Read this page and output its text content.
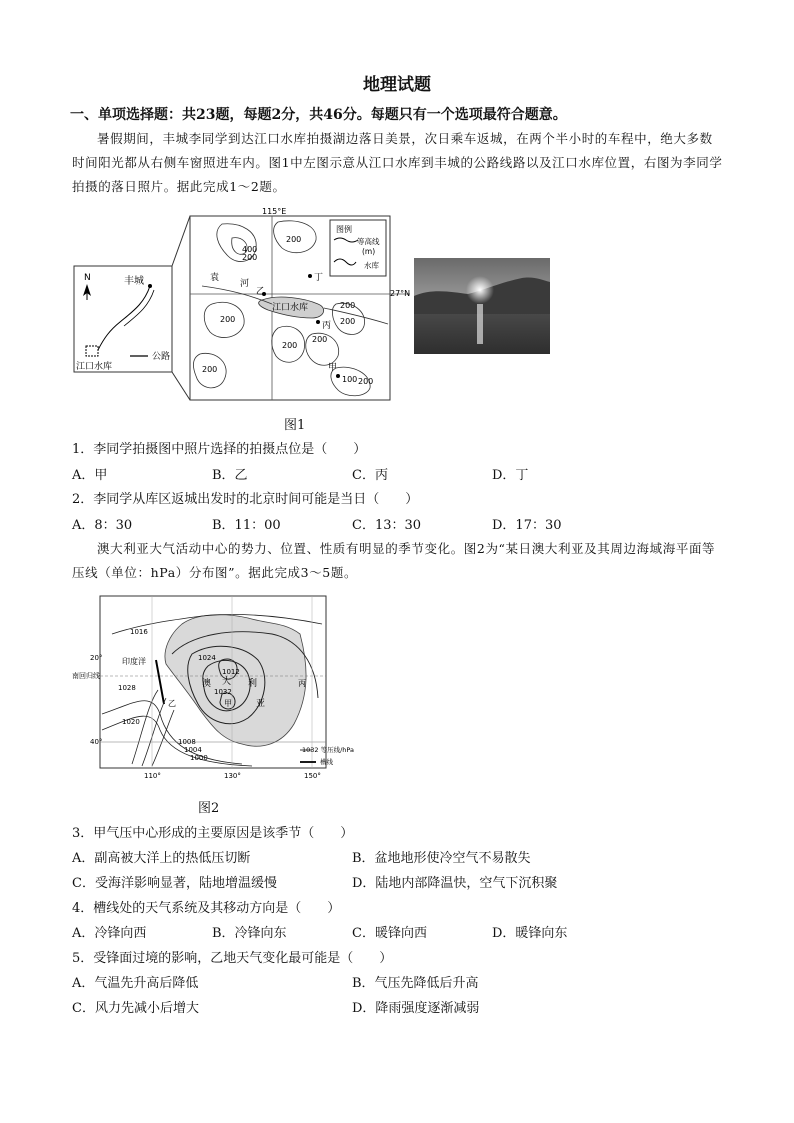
地理试题
一、单项选择题：共23题，每题2分，共46分。每题只有一个选项最符合题意。
暑假期间，丰城李同学到达江口水库拍摄湖边落日美景，次日乘车返城，在两个半小时的车程中，绝大多数时间阳光都从右侧车窗照进车内。图1中左图示意从江口水库到丰城的公路线路以及江口水库位置，右图为李同学拍摄的落日照片。据此完成1～2题。
N	丰城
江口水库
公路
115°E
27°N
图例
等高线
(m)
水库
袁
河
江口水库
200
400
200
200
200
200
200
200
100 200
200
甲
乙
丙
丁
图1
1．李同学拍摄图中照片选择的拍摄点位是（　　）
A．甲	B．乙	C．丙	D．丁
2．李同学从库区返城出发时的北京时间可能是当日（　　）
A．8：30	B．11：00	C．13：30	D．17：30
澳大利亚大气活动中心的势力、位置、性质有明显的季节变化。图2为“某日澳大利亚及其周边海域海平面等压线（单位：hPa）分布图”。据此完成3～5题。
1016
20° 印度洋
南回归线
1024
1028
1020
1032
1012
1008
1004
1000
澳 大 利
亚
甲
乙
丙
40°
110°	130°	150°
1032 等压线/hPa
槽线
图2
3．甲气压中心形成的主要原因是该季节（　　）
A．副高被大洋上的热低压切断	B．盆地地形使冷空气不易散失
C．受海洋影响显著，陆地增温缓慢	D．陆地内部降温快，空气下沉积聚
4．槽线处的天气系统及其移动方向是（　　）
A．冷锋向西	B．冷锋向东	C．暖锋向西	D．暖锋向东
5．受锋面过境的影响，乙地天气变化最可能是（　　）
A．气温先升高后降低	B．气压先降低后升高
C．风力先减小后增大	D．降雨强度逐渐减弱
